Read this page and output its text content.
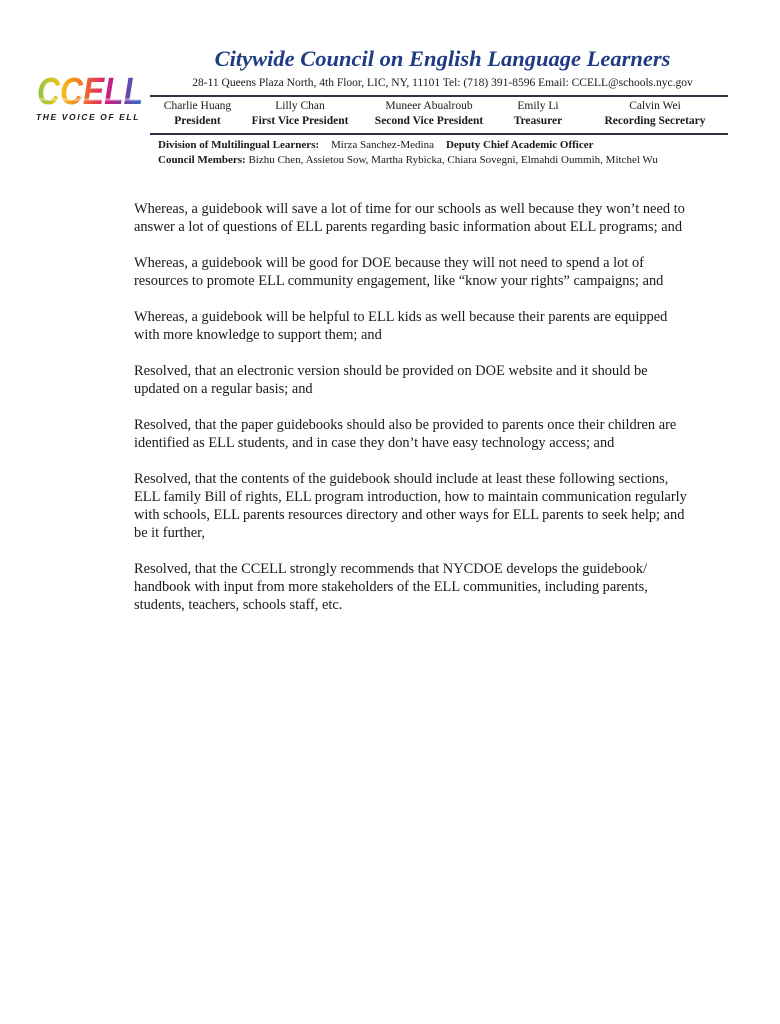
CCELL
THE VOICE OF ELL
Citywide Council on English Language Learners
28-11 Queens Plaza North, 4th Floor, LIC, NY, 11101 Tel: (718) 391-8596 Email: CCELL@schools.nyc.gov
Charlie Huang
President
Lilly Chan
First Vice President
Muneer Abualroub
Second Vice President
Emily Li
Treasurer
Calvin Wei
Recording Secretary
Division of Multilingual Learners: Mirza Sanchez-Medina Deputy Chief Academic Officer
Council Members: Bizhu Chen, Assietou Sow, Martha Rybicka, Chiara Sovegni, Elmahdi Oummih, Mitchel Wu

Whereas, a guidebook will save a lot of time for our schools as well because they won’t need to answer a lot of questions of ELL parents regarding basic information about ELL programs; and

Whereas, a guidebook will be good for DOE because they will not need to spend a lot of resources to promote ELL community engagement, like “know your rights” campaigns; and

Whereas, a guidebook will be helpful to ELL kids as well because their parents are equipped with more knowledge to support them; and

Resolved, that an electronic version should be provided on DOE website and it should be updated on a regular basis; and

Resolved, that the paper guidebooks should also be provided to parents once their children are identified as ELL students, and in case they don’t have easy technology access; and

Resolved, that the contents of the guidebook should include at least these following sections, ELL family Bill of rights, ELL program introduction, how to maintain communication regularly with schools, ELL parents resources directory and other ways for ELL parents to seek help; and be it further,

Resolved, that the CCELL strongly recommends that NYCDOE develops the guidebook/ handbook with input from more stakeholders of the ELL communities, including parents, students, teachers, schools staff, etc.
